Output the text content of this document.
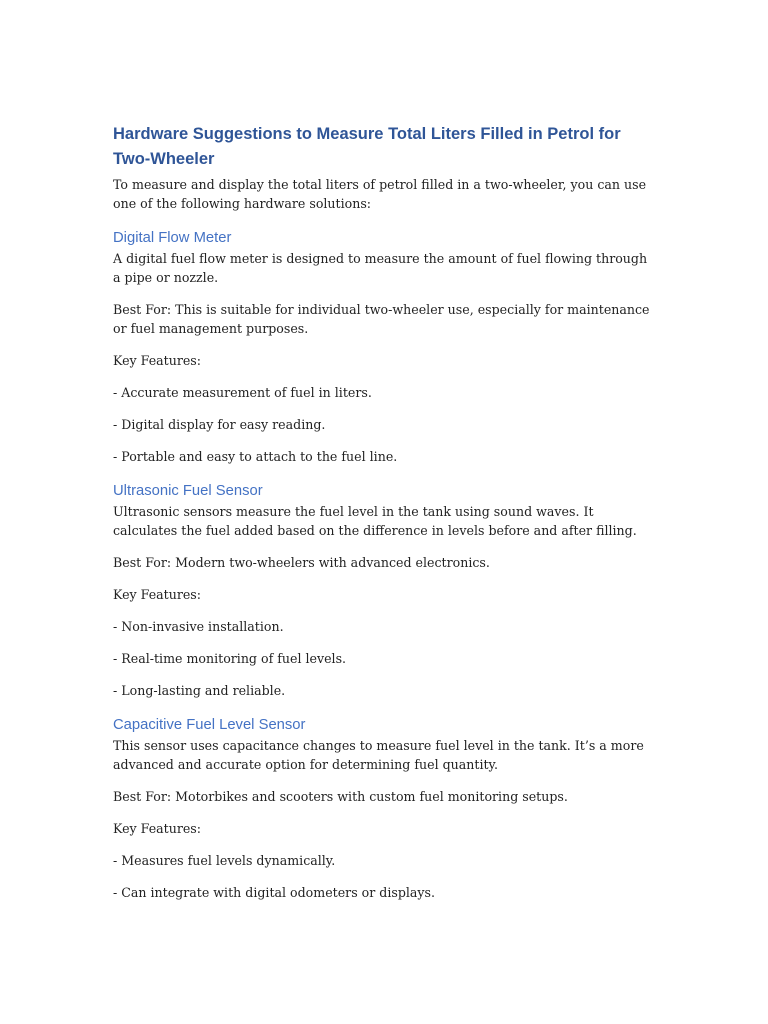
Hardware Suggestions to Measure Total Liters Filled in Petrol for Two-Wheeler

To measure and display the total liters of petrol filled in a two-wheeler, you can use one of the following hardware solutions:

Digital Flow Meter

A digital fuel flow meter is designed to measure the amount of fuel flowing through a pipe or nozzle.

Best For: This is suitable for individual two-wheeler use, especially for maintenance or fuel management purposes.

Key Features:

- Accurate measurement of fuel in liters.

- Digital display for easy reading.

- Portable and easy to attach to the fuel line.

Ultrasonic Fuel Sensor

Ultrasonic sensors measure the fuel level in the tank using sound waves. It calculates the fuel added based on the difference in levels before and after filling.

Best For: Modern two-wheelers with advanced electronics.

Key Features:

- Non-invasive installation.

- Real-time monitoring of fuel levels.

- Long-lasting and reliable.

Capacitive Fuel Level Sensor

This sensor uses capacitance changes to measure fuel level in the tank. It’s a more advanced and accurate option for determining fuel quantity.

Best For: Motorbikes and scooters with custom fuel monitoring setups.

Key Features:

- Measures fuel levels dynamically.

- Can integrate with digital odometers or displays.
